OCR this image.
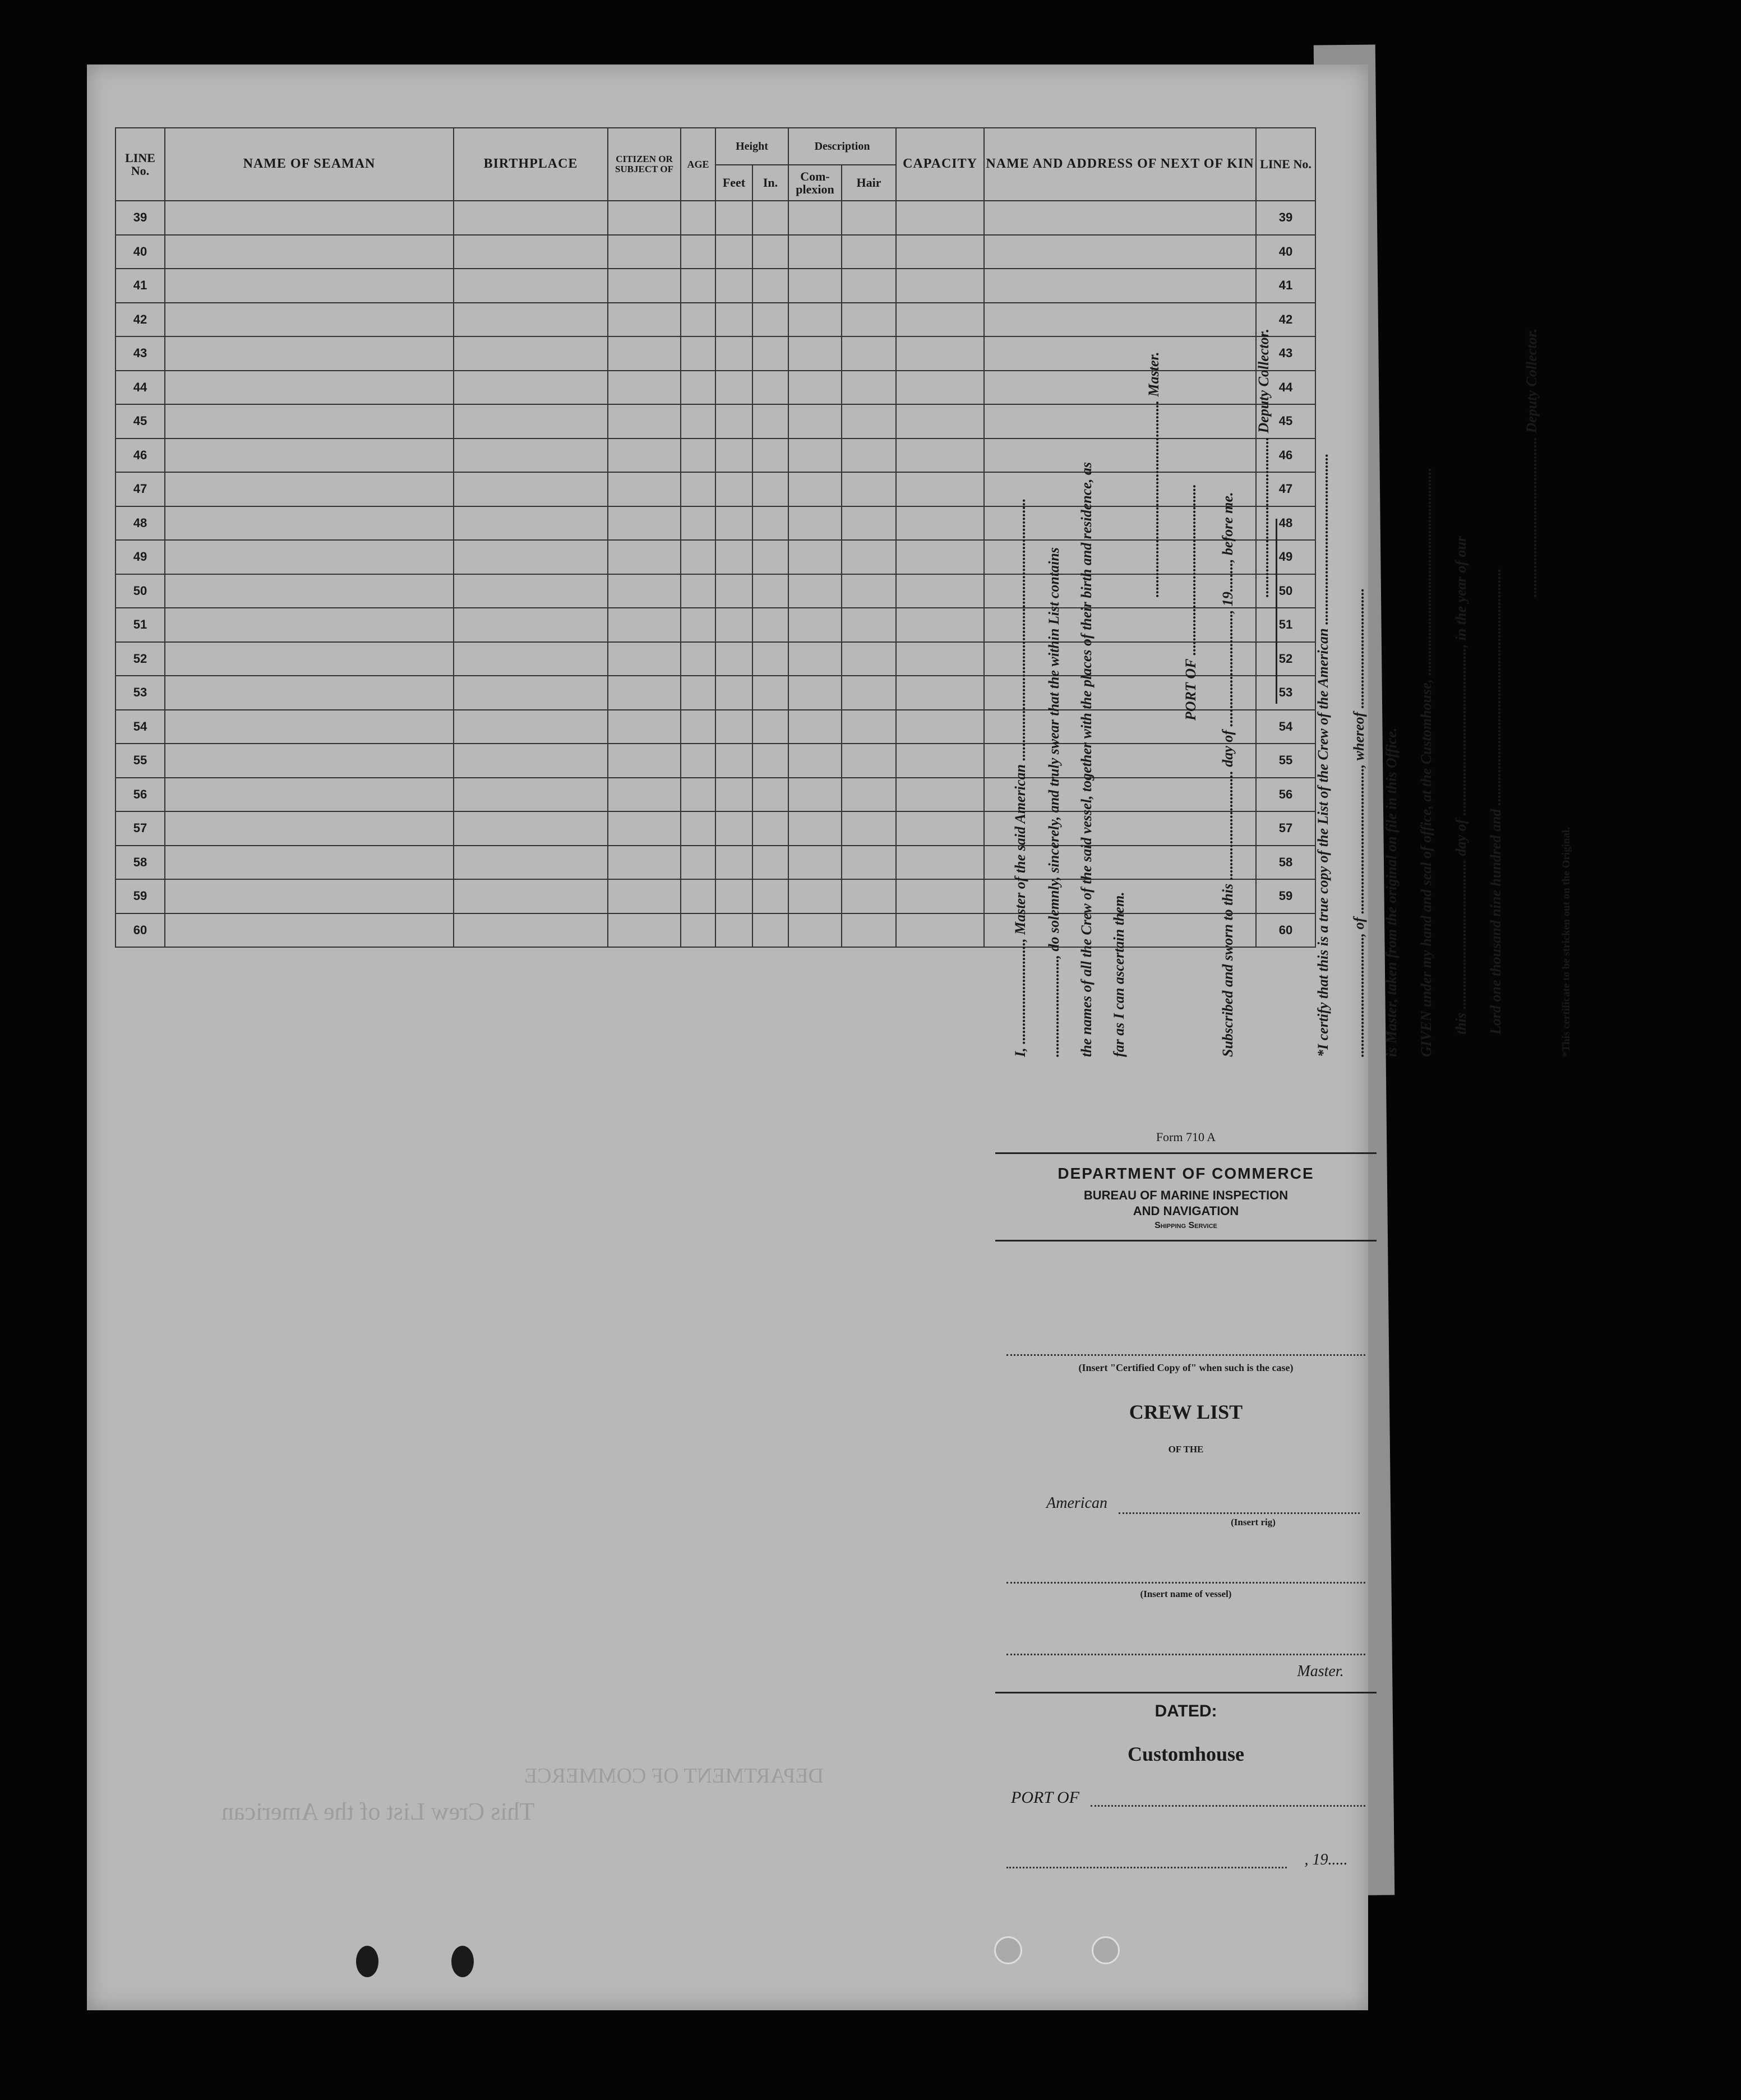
LINE No.	NAME OF SEAMAN	BIRTHPLACE	CITIZEN OR SUBJECT OF	AGE	Height		Description		CAPACITY	NAME AND ADDRESS OF NEXT OF KIN	LINE No.
					Feet	In.	Com- plexion	Hair			
39											39
40											40
41											41
42											42
43											43
44											44
45											45
46											46
47											47
48											48
49											49
50											50
51											51
52											52
53											53
54											54
55											55
56											56
57											57
58											58
59											59
60											60
This Crew List of the American
DEPARTMENT OF COMMERCE
I, ............................, Master of the said American ........................................................................ ..........................., do solemnly, sincerely, and truly swear that the within List contains the names of all the Crew of the said vessel, together with the places of their birth and residence, as far as I can ascertain them.
...................................................... Master.
PORT OF ............................................... Subscribed and sworn to this .............................. day of ..............................., 19........, before me.
............................................ Deputy Collector.	*I certify that this is a true copy of the List of the Crew of the American ............................................... ................................., of ........................................, whereof ................................. is Master, taken from the original on file in this Office. GIVEN under my hand and seal of office, at the Customhouse, ......................................................... this ......................................... day of .............................................., in the year of our Lord one thousand nine hundred and .................................................................
............................................ Deputy Collector.
*This certificate to be stricken out on the Original.
Form 710 A
DEPARTMENT OF COMMERCE
BUREAU OF MARINE INSPECTION
AND NAVIGATION
Shipping Service
(Insert "Certified Copy of" when such is the case)
CREW LIST
OF THE
American
(Insert rig)
(Insert name of vessel)
Master.
DATED:
Customhouse
PORT OF
, 19.....
